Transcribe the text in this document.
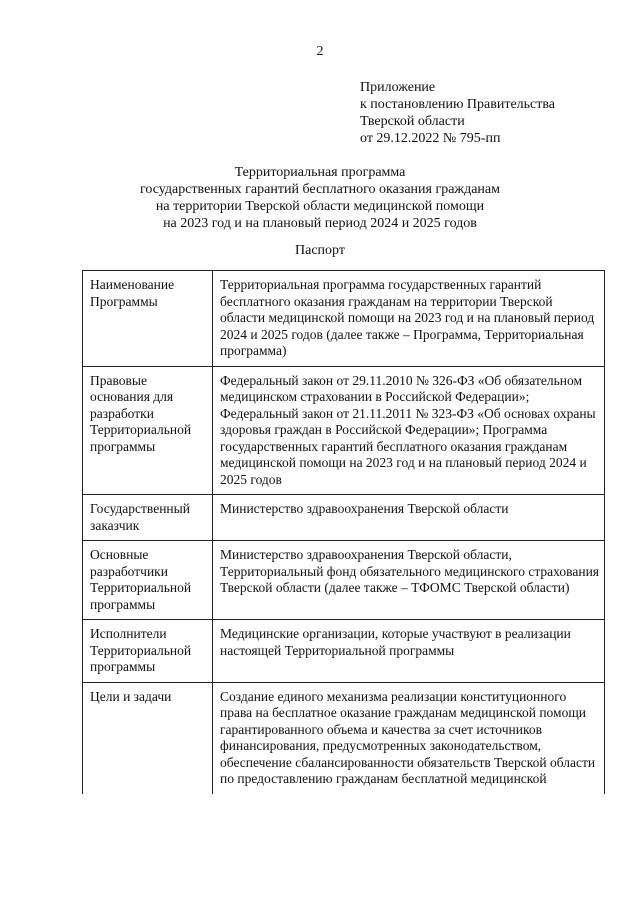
2
Приложение
к постановлению Правительства
Тверской области
от 29.12.2022 № 795-пп
Территориальная программа
государственных гарантий бесплатного оказания гражданам
на территории Тверской области медицинской помощи
на 2023 год и на плановый период 2024 и 2025 годов
Паспорт
Наименование Программы	Территориальная программа государственных гарантий бесплатного оказания гражданам на территории Тверской области медицинской помощи на 2023 год и на плановый период 2024 и 2025 годов (далее также – Программа, Территориальная программа)
Правовые основания для разработки Территориальной программы	Федеральный закон от 29.11.2010 № 326-ФЗ «Об обязательном медицинском страховании в Российской Федерации»; Федеральный закон от 21.11.2011 № 323-ФЗ «Об основах охраны здоровья граждан в Российской Федерации»; Программа государственных гарантий бесплатного оказания гражданам медицинской помощи на 2023 год и на плановый период 2024 и 2025 годов
Государственный заказчик	Министерство здравоохранения Тверской области
Основные разработчики Территориальной программы	Министерство здравоохранения Тверской области, Территориальный фонд обязательного медицинского страхования Тверской области (далее также – ТФОМС Тверской области)
Исполнители Территориальной программы	Медицинские организации, которые участвуют в реализации настоящей Территориальной программы
Цели и задачи	Создание единого механизма реализации конституционного права на бесплатное оказание гражданам медицинской помощи гарантированного объема и качества за счет источников финансирования, предусмотренных законодательством, обеспечение сбалансированности обязательств Тверской области по предоставлению гражданам бесплатной медицинской
